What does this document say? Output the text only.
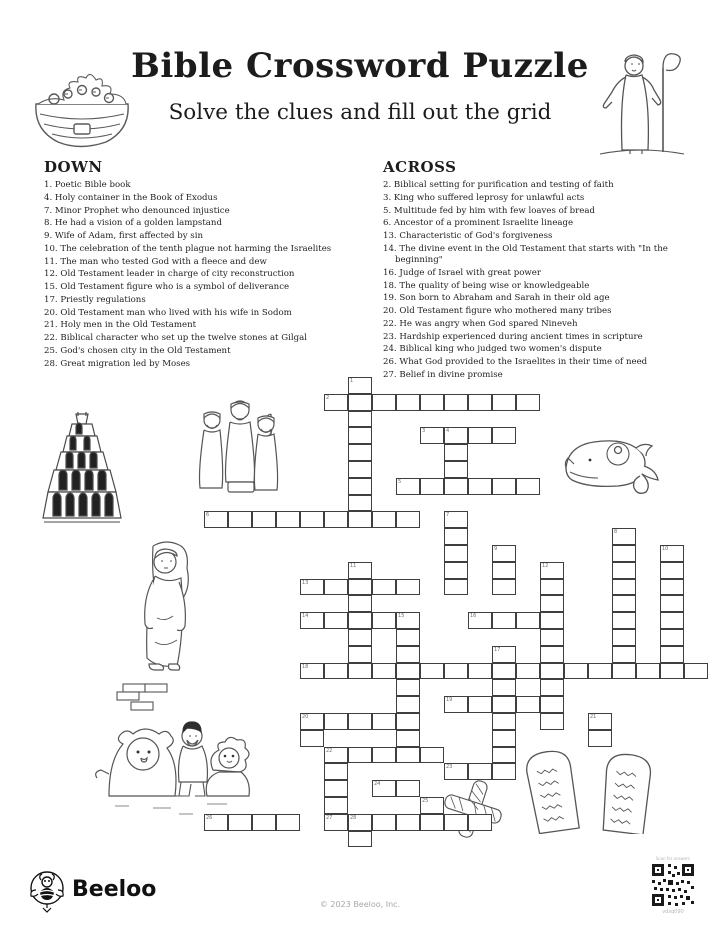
Bible Crossword Puzzle
Solve the clues and fill out the grid
DOWN
1. Poetic Bible book
4. Holy container in the Book of Exodus
7. Minor Prophet who denounced injustice
8. He had a vision of a golden lampstand
9. Wife of Adam, first affected by sin
10. The celebration of the tenth plague not harming the Israelites
11. The man who tested God with a fleece and dew
12. Old Testament leader in charge of city reconstruction
15. Old Testament figure who is a symbol of deliverance
17. Priestly regulations
20. Old Testament man who lived with his wife in Sodom
21. Holy men in the Old Testament
22. Biblical character who set up the twelve stones at Gilgal
25. God's chosen city in the Old Testament
28. Great migration led by Moses
ACROSS
2. Biblical setting for purification and testing of faith
3. King who suffered leprosy for unlawful acts
5. Multitude fed by him with few loaves of bread
6. Ancestor of a prominent Israelite lineage
13. Characteristic of God's forgiveness
14. The divine event in the Old Testament that starts with "In the beginning"
16. Judge of Israel with great power
18. The quality of being wise or knowledgeable
19. Son born to Abraham and Sarah in their old age
20. Old Testament figure who mothered many tribes
22. He was angry when God spared Nineveh
23. Hardship experienced during ancient times in scripture
24. Biblical king who judged two women's dispute
26. What God provided to the Israelites in their time of need
27. Belief in divine promise
1
2
3	4
5
6	7
8
9	10
11	12
13
14	15	16
17
18
19
20	21
22
27
23
24
25
26	28
Beeloo
© 2023 Beeloo, Inc.
Scan for answers
vdsq090
